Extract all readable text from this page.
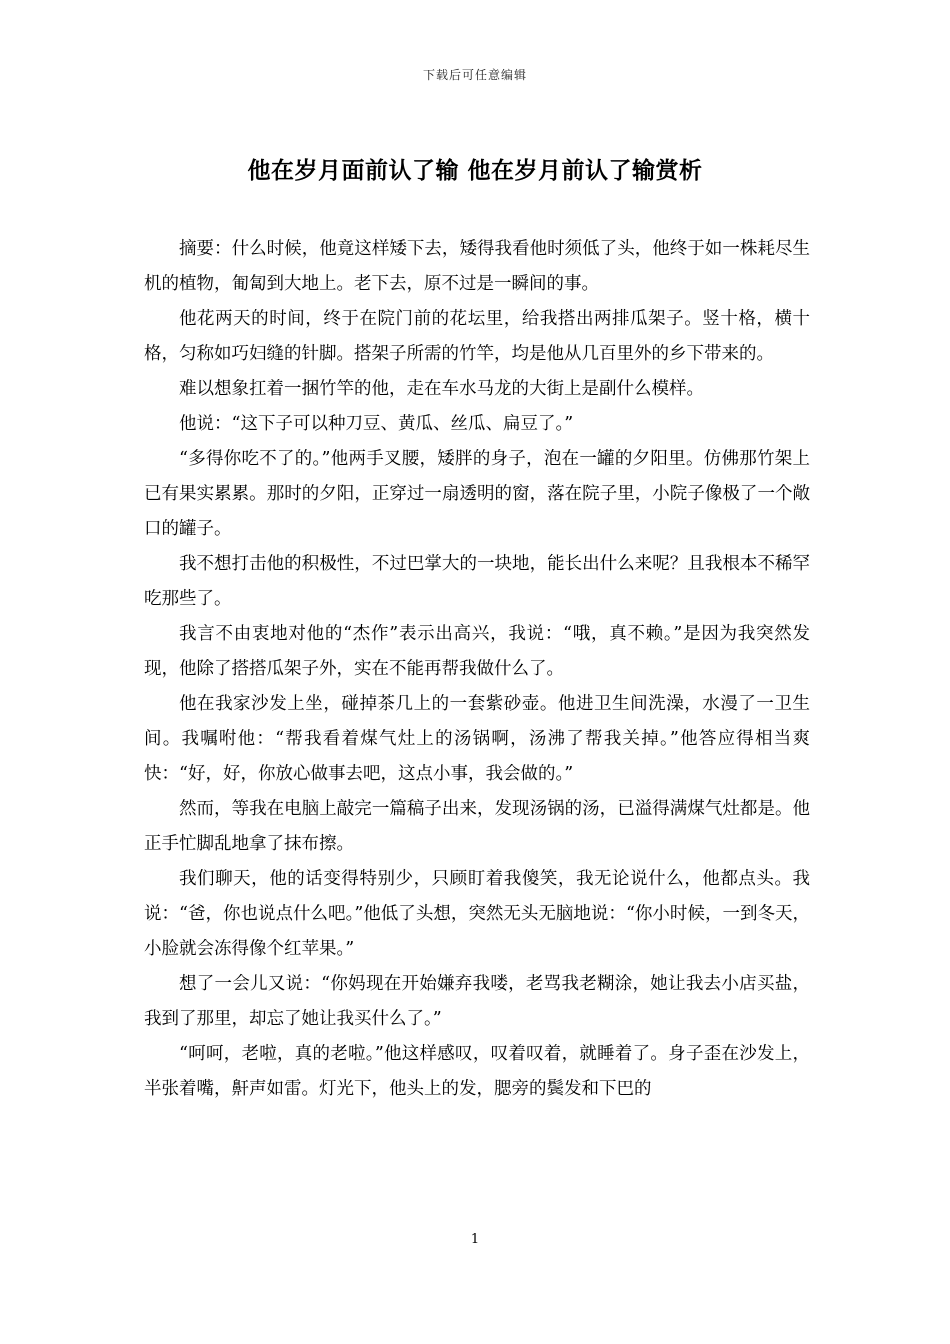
下载后可任意编辑
他在岁月面前认了输 他在岁月前认了输赏析

摘要：什么时候，他竟这样矮下去，矮得我看他时须低了头，他终于如一株耗尽生机的植物，匍匐到大地上。老下去，原不过是一瞬间的事。

他花两天的时间，终于在院门前的花坛里，给我搭出两排瓜架子。竖十格，横十格，匀称如巧妇缝的针脚。搭架子所需的竹竿，均是他从几百里外的乡下带来的。

难以想象扛着一捆竹竿的他，走在车水马龙的大街上是副什么模样。

他说：“这下子可以种刀豆、黄瓜、丝瓜、扁豆了。”

“多得你吃不了的。”他两手叉腰，矮胖的身子，泡在一罐的夕阳里。仿佛那竹架上已有果实累累。那时的夕阳，正穿过一扇透明的窗，落在院子里，小院子像极了一个敞口的罐子。

我不想打击他的积极性，不过巴掌大的一块地，能长出什么来呢？且我根本不稀罕吃那些了。

我言不由衷地对他的“杰作”表示出高兴，我说：“哦，真不赖。”是因为我突然发现，他除了搭搭瓜架子外，实在不能再帮我做什么了。

他在我家沙发上坐，碰掉茶几上的一套紫砂壶。他进卫生间洗澡，水漫了一卫生间。我嘱咐他：“帮我看着煤气灶上的汤锅啊，汤沸了帮我关掉。”他答应得相当爽快：“好，好，你放心做事去吧，这点小事，我会做的。”

然而，等我在电脑上敲完一篇稿子出来，发现汤锅的汤，已溢得满煤气灶都是。他正手忙脚乱地拿了抹布擦。

我们聊天，他的话变得特别少，只顾盯着我傻笑，我无论说什么，他都点头。我说：“爸，你也说点什么吧。”他低了头想，突然无头无脑地说：“你小时候，一到冬天，小脸就会冻得像个红苹果。”

想了一会儿又说：“你妈现在开始嫌弃我喽，老骂我老糊涂，她让我去小店买盐，我到了那里，却忘了她让我买什么了。”

“呵呵，老啦，真的老啦。”他这样感叹，叹着叹着，就睡着了。身子歪在沙发上，半张着嘴，鼾声如雷。灯光下，他头上的发，腮旁的鬓发和下巴的

1
